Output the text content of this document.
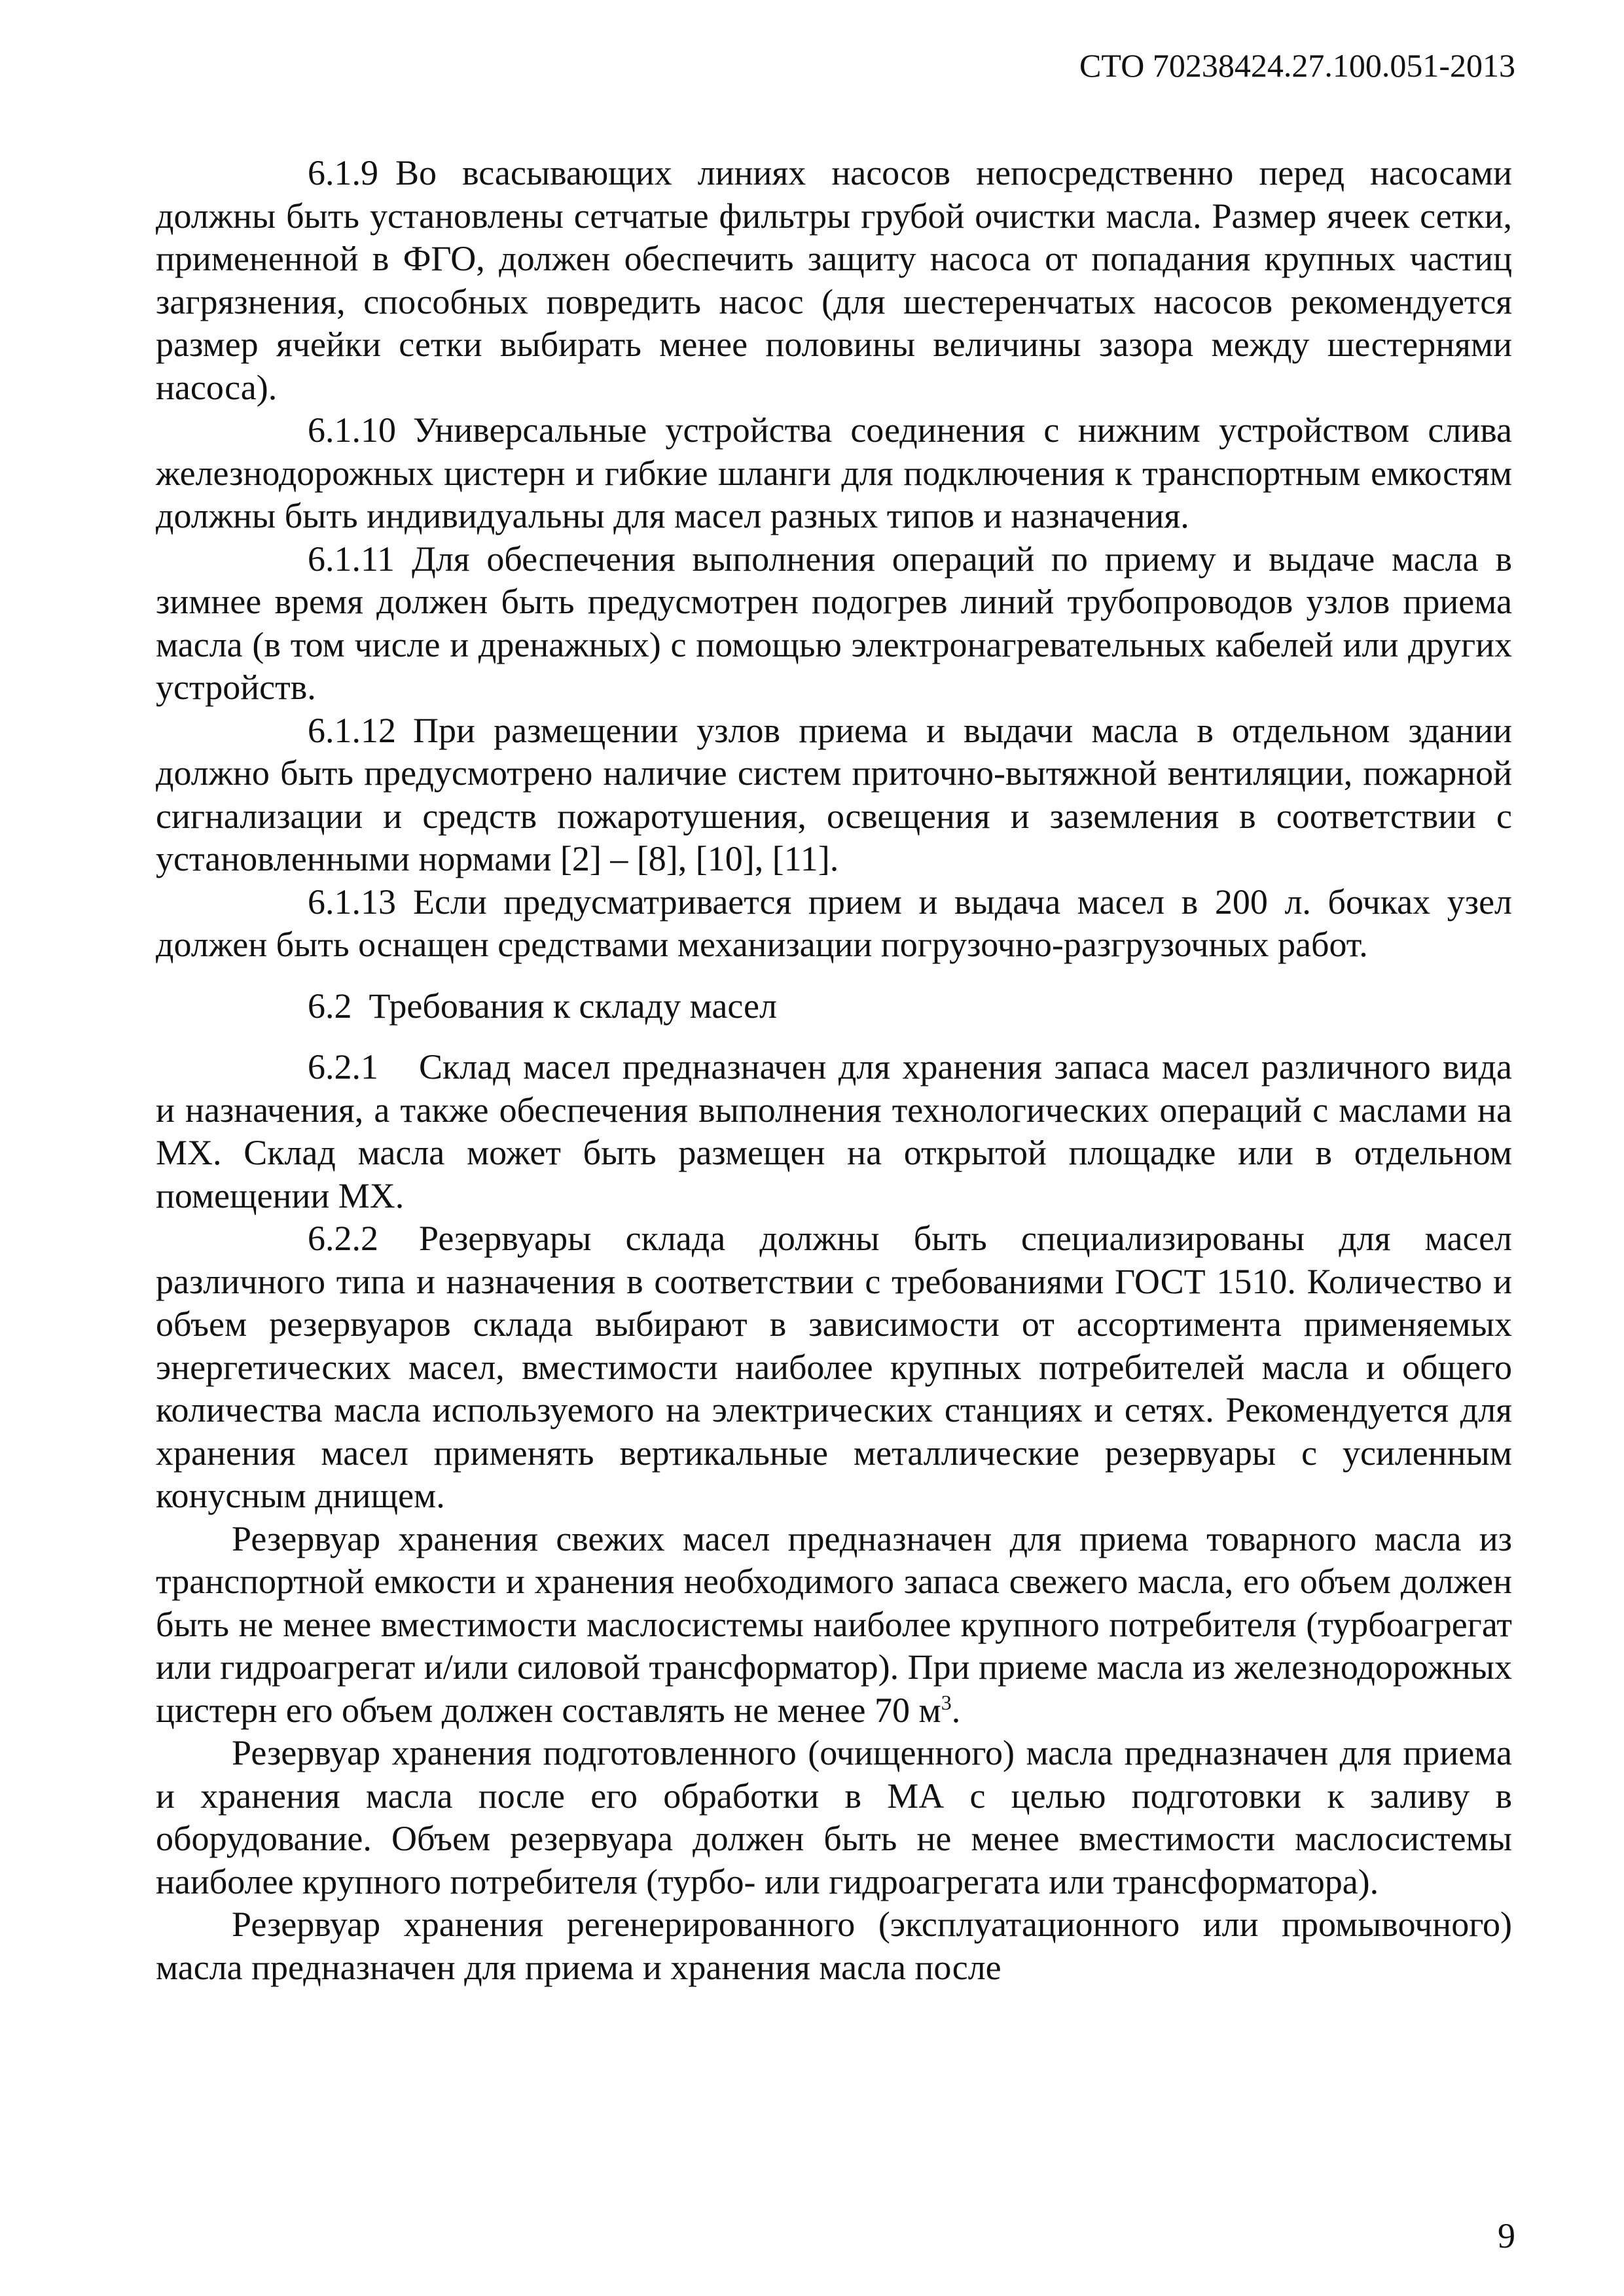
СТО 70238424.27.100.051-2013

6.1.9 Во всасывающих линиях насосов непосредственно перед насосами должны быть установлены сетчатые фильтры грубой очистки масла. Размер ячеек сетки, примененной в ФГО, должен обеспечить защиту насоса от попадания крупных частиц загрязнения, способных повредить насос (для шестеренчатых насосов рекомендуется размер ячейки сетки выбирать менее половины величины зазора между шестернями насоса).

6.1.10 Универсальные устройства соединения с нижним устройством слива железнодорожных цистерн и гибкие шланги для подключения к транспортным емкостям должны быть индивидуальны для масел разных типов и назначения.

6.1.11 Для обеспечения выполнения операций по приему и выдаче масла в зимнее время должен быть предусмотрен подогрев линий трубопроводов узлов приема масла (в том числе и дренажных) с помощью электронагревательных кабелей или других устройств.

6.1.12 При размещении узлов приема и выдачи масла в отдельном здании должно быть предусмотрено наличие систем приточно-вытяжной вентиляции, пожарной сигнализации и средств пожаротушения, освещения и заземления в соответствии с установленными нормами [2] – [8], [10], [11].

6.1.13 Если предусматривается прием и выдача масел в 200 л. бочках узел должен быть оснащен средствами механизации погрузочно-разгрузочных работ.

6.2 Требования к складу масел

6.2.1 Склад масел предназначен для хранения запаса масел различного вида и назначения, а также обеспечения выполнения технологических операций с маслами на МХ. Склад масла может быть размещен на открытой площадке или в отдельном помещении МХ.

6.2.2 Резервуары склада должны быть специализированы для масел различного типа и назначения в соответствии с требованиями ГОСТ 1510. Количество и объем резервуаров склада выбирают в зависимости от ассортимента применяемых энергетических масел, вместимости наиболее крупных потребителей масла и общего количества масла используемого на электрических станциях и сетях. Рекомендуется для хранения масел применять вертикальные металлические резервуары с усиленным конусным днищем.

Резервуар хранения свежих масел предназначен для приема товарного масла из транспортной емкости и хранения необходимого запаса свежего масла, его объем должен быть не менее вместимости маслосистемы наиболее крупного потребителя (турбоагрегат или гидроагрегат и/или силовой трансформатор). При приеме масла из железнодорожных цистерн его объем должен составлять не менее 70 $м^3$.

Резервуар хранения подготовленного (очищенного) масла предназначен для приема и хранения масла после его обработки в МА с целью подготовки к заливу в оборудование. Объем резервуара должен быть не менее вместимости маслосистемы наиболее крупного потребителя (турбо- или гидроагрегата или трансформатора).

Резервуар хранения регенерированного (эксплуатационного или промывочного) масла предназначен для приема и хранения масла после

9
